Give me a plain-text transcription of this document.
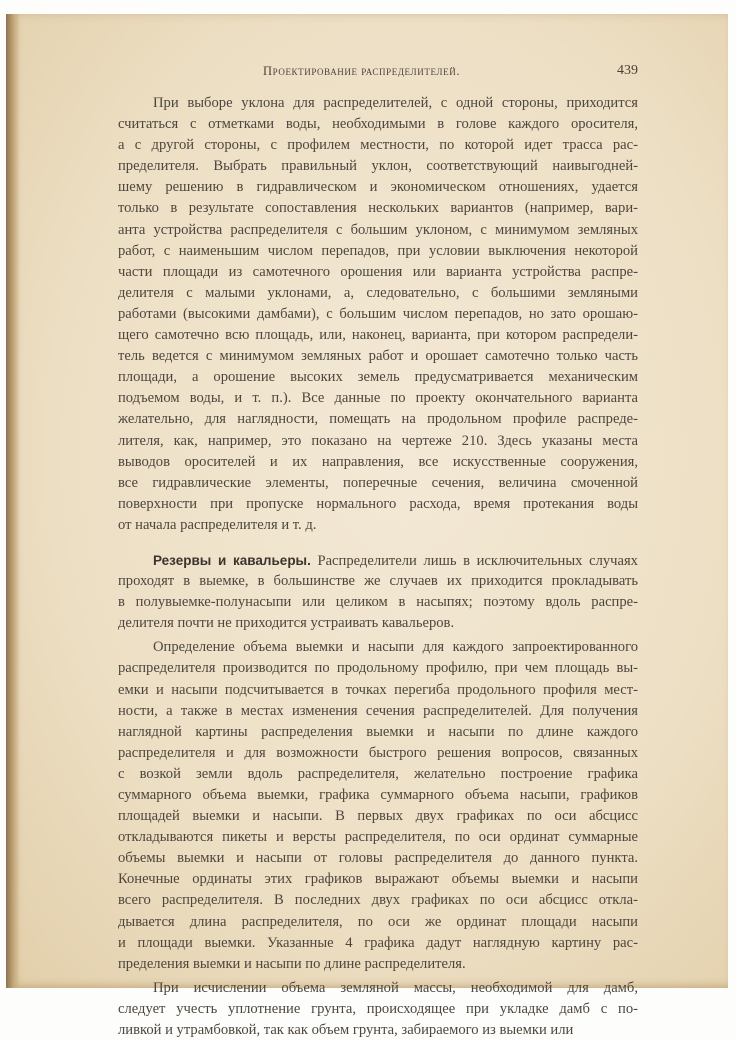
Проектирование распределителей.	439
При выборе уклона для распределителей, с одной стороны, приходится
считаться с отметками воды, необходимыми в голове каждого оросителя,
а с другой стороны, с профилем местности, по которой идет трасса рас-
пределителя. Выбрать правильный уклон, соответствующий наивыгодней-
шему решению в гидравлическом и экономическом отношениях, удается
только в результате сопоставления нескольких вариантов (например, вари-
анта устройства распределителя с большим уклоном, с минимумом земляных
работ, с наименьшим числом перепадов, при условии выключения некоторой
части площади из самотечного орошения или варианта устройства распре-
делителя с малыми уклонами, а, следовательно, с большими земляными
работами (высокими дамбами), с большим числом перепадов, но зато орошаю-
щего самотечно всю площадь, или, наконец, варианта, при котором распредели-
тель ведется с минимумом земляных работ и орошает самотечно только часть
площади, а орошение высоких земель предусматривается механическим
подъемом воды, и т. п.). Все данные по проекту окончательного варианта
желательно, для наглядности, помещать на продольном профиле распреде-
лителя, как, например, это показано на чертеже 210. Здесь указаны места
выводов оросителей и их направления, все искусственные сооружения,
все гидравлические элементы, поперечные сечения, величина смоченной
поверхности при пропуске нормального расхода, время протекания воды
от начала распределителя и т. д.
Резервы и кавальеры. Распределители лишь в исключительных случаях
проходят в выемке, в большинстве же случаев их приходится прокладывать
в полувыемке-полунасыпи или целиком в насыпях; поэтому вдоль распре-
делителя почти не приходится устраивать кавальеров.
Определение объема выемки и насыпи для каждого запроектированного
распределителя производится по продольному профилю, при чем площадь вы-
емки и насыпи подсчитывается в точках перегиба продольного профиля мест-
ности, а также в местах изменения сечения распределителей. Для получения
наглядной картины распределения выемки и насыпи по длине каждого
распределителя и для возможности быстрого решения вопросов, связанных
с возкой земли вдоль распределителя, желательно построение графика
суммарного объема выемки, графика суммарного объема насыпи, графиков
площадей выемки и насыпи. В первых двух графиках по оси абсцисс
откладываются пикеты и версты распределителя, по оси ординат суммарные
объемы выемки и насыпи от головы распределителя до данного пункта.
Конечные ординаты этих графиков выражают объемы выемки и насыпи
всего распределителя. В последних двух графиках по оси абсцисс откла-
дывается длина распределителя, по оси же ординат площади насыпи
и площади выемки. Указанные 4 графика дадут наглядную картину рас-
пределения выемки и насыпи по длине распределителя.
При исчислении объема земляной массы, необходимой для дамб,
следует учесть уплотнение грунта, происходящее при укладке дамб с по-
ливкой и утрамбовкой, так как объем грунта, забираемого из выемки или
